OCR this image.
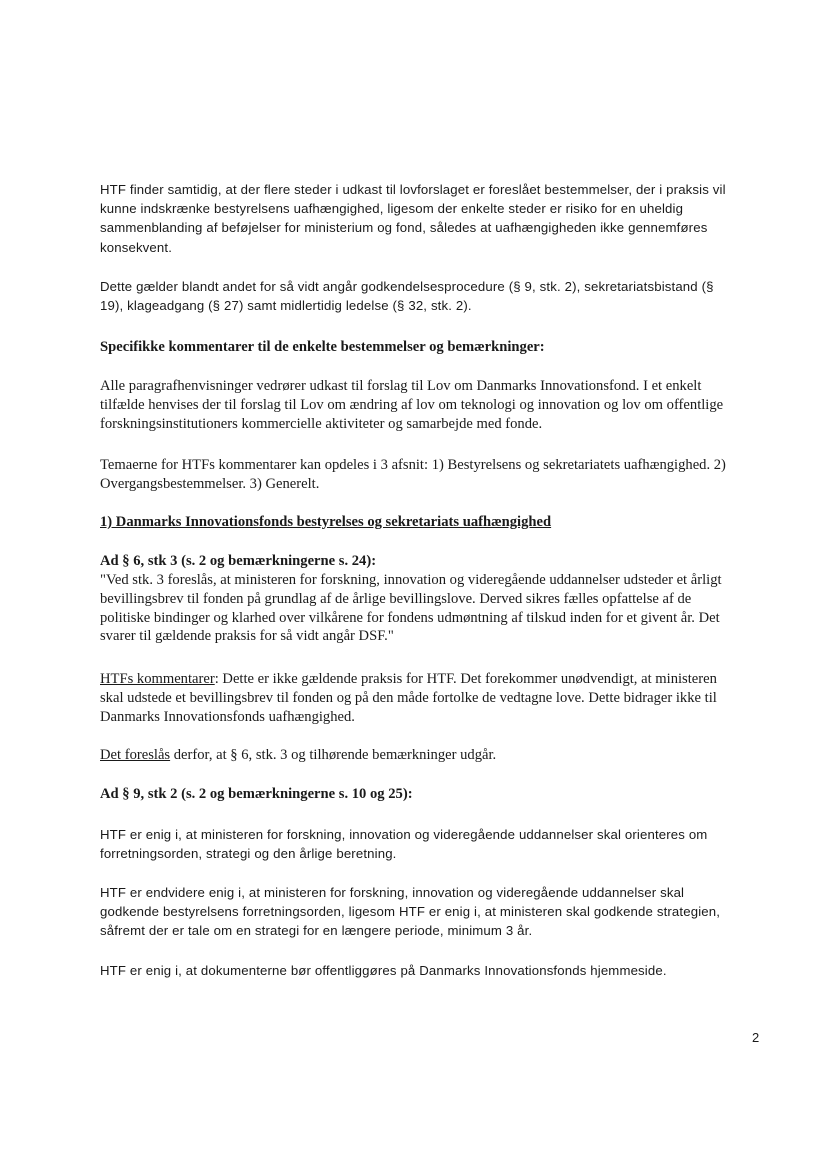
HTF finder samtidig, at der flere steder i udkast til lovforslaget er foreslået bestemmelser, der i praksis vil kunne indskrænke bestyrelsens uafhængighed, ligesom der enkelte steder er risiko for en uheldig sammenblanding af beføjelser for ministerium og fond, således at uafhængigheden ikke gennemføres konsekvent.

Dette gælder blandt andet for så vidt angår godkendelsesprocedure (§ 9, stk. 2), sekretariatsbistand (§ 19), klageadgang (§ 27) samt midlertidig ledelse (§ 32, stk. 2).

Specifikke kommentarer til de enkelte bestemmelser og bemærkninger:

Alle paragrafhenvisninger vedrører udkast til forslag til Lov om Danmarks Innovationsfond. I et enkelt tilfælde henvises der til forslag til Lov om ændring af lov om teknologi og innovation og lov om offentlige forskningsinstitutioners kommercielle aktiviteter og samarbejde med fonde.

Temaerne for HTFs kommentarer kan opdeles i 3 afsnit: 1) Bestyrelsens og sekretariatets uafhængighed. 2) Overgangsbestemmelser. 3) Generelt.

1) Danmarks Innovationsfonds bestyrelses og sekretariats uafhængighed

Ad § 6, stk 3 (s. 2 og bemærkningerne s. 24):

"Ved stk. 3 foreslås, at ministeren for forskning, innovation og videregående uddannelser udsteder et årligt bevillingsbrev til fonden på grundlag af de årlige bevillingslove. Derved sikres fælles opfattelse af de politiske bindinger og klarhed over vilkårene for fondens udmøntning af tilskud inden for et givent år. Det svarer til gældende praksis for så vidt angår DSF."

HTFs kommentarer: Dette er ikke gældende praksis for HTF. Det forekommer unødvendigt, at ministeren skal udstede et bevillingsbrev til fonden og på den måde fortolke de vedtagne love. Dette bidrager ikke til Danmarks Innovationsfonds uafhængighed.

Det foreslås derfor, at § 6, stk. 3 og tilhørende bemærkninger udgår.

Ad § 9, stk 2 (s. 2 og bemærkningerne s. 10 og 25):

HTF er enig i, at ministeren for forskning, innovation og videregående uddannelser skal orienteres om forretningsorden, strategi og den årlige beretning.

HTF er endvidere enig i, at ministeren for forskning, innovation og videregående uddannelser skal godkende bestyrelsens forretningsorden, ligesom HTF er enig i, at ministeren skal godkende strategien, såfremt der er tale om en strategi for en længere periode, minimum 3 år.

HTF er enig i, at dokumenterne bør offentliggøres på Danmarks Innovationsfonds hjemmeside.

2
